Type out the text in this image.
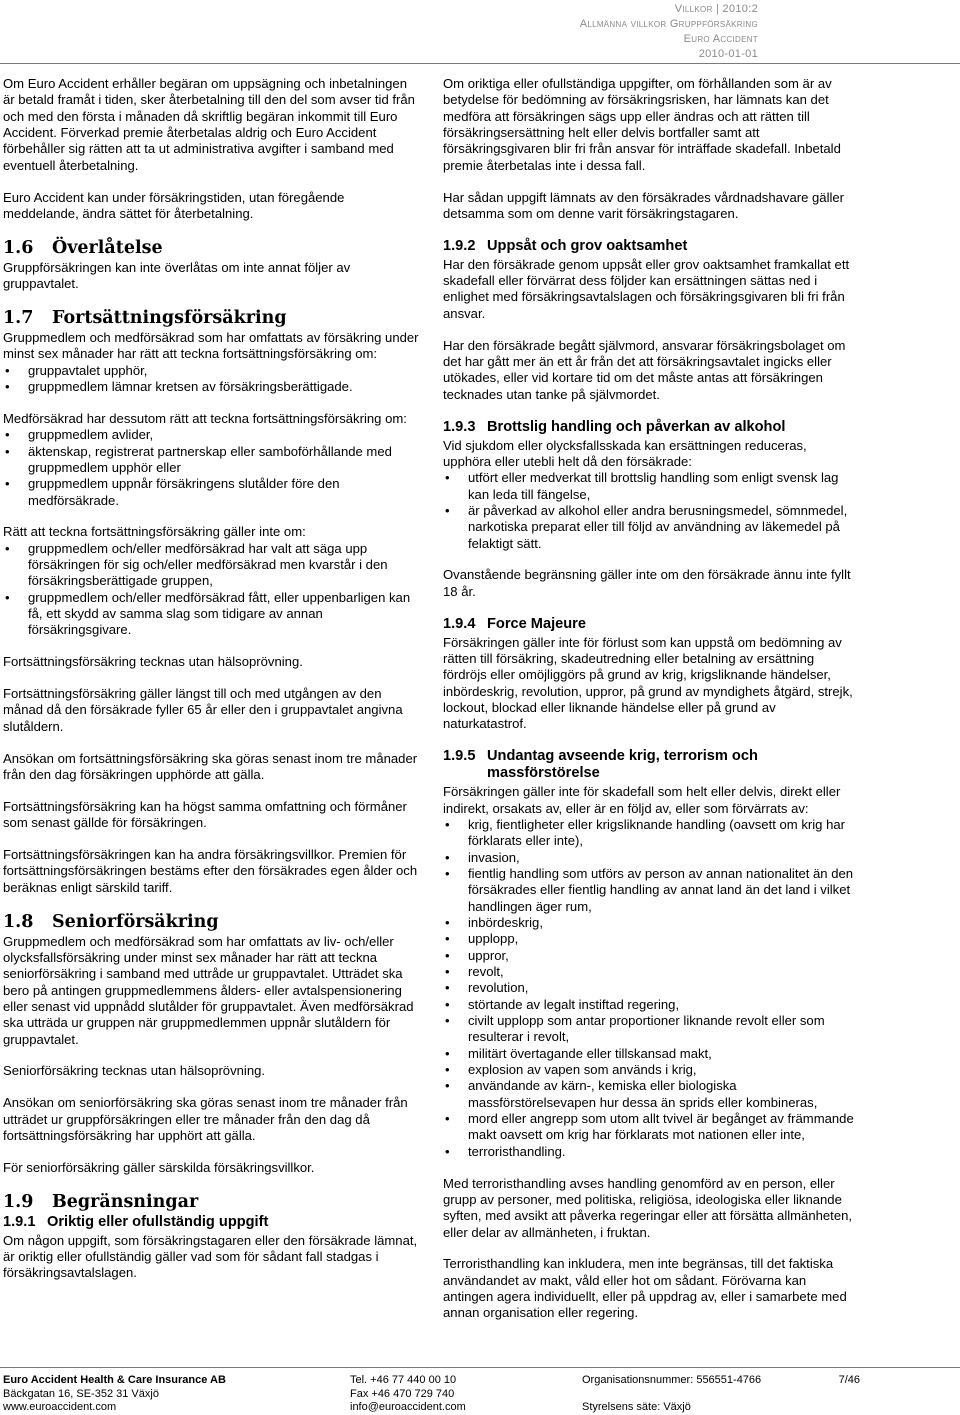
Villkor | 2010:2
Allmänna villkor Gruppförsäkring
Euro Accident
2010-01-01

Om Euro Accident erhåller begäran om uppsägning och inbetalningen är betald framåt i tiden, sker återbetalning till den del som avser tid från och med den första i månaden då skriftlig begäran inkommit till Euro Accident. Förverkad premie återbetalas aldrig och Euro Accident förbehåller sig rätten att ta ut administrativa avgifter i samband med eventuell återbetalning.

Euro Accident kan under försäkringstiden, utan föregående meddelande, ändra sättet för återbetalning.

1.6	Överlåtelse

Gruppförsäkringen kan inte överlåtas om inte annat följer av gruppavtalet.

1.7	Fortsättningsförsäkring

Gruppmedlem och medförsäkrad som har omfattats av försäkring under minst sex månader har rätt att teckna fortsättningsförsäkring om:

• gruppavtalet upphör,
• gruppmedlem lämnar kretsen av försäkringsberättigade.

Medförsäkrad har dessutom rätt att teckna fortsättningsförsäkring om:

• gruppmedlem avlider,
• äktenskap, registrerat partnerskap eller samboförhållande med gruppmedlem upphör eller
• gruppmedlem uppnår försäkringens slutålder före den medförsäkrade.

Rätt att teckna fortsättningsförsäkring gäller inte om:

• gruppmedlem och/eller medförsäkrad har valt att säga upp försäkringen för sig och/eller medförsäkrad men kvarstår i den försäkringsberättigade gruppen,
• gruppmedlem och/eller medförsäkrad fått, eller uppenbarligen kan få, ett skydd av samma slag som tidigare av annan försäkringsgivare.

Fortsättningsförsäkring tecknas utan hälsoprövning.

Fortsättningsförsäkring gäller längst till och med utgången av den månad då den försäkrade fyller 65 år eller den i gruppavtalet angivna slutåldern.

Ansökan om fortsättningsförsäkring ska göras senast inom tre månader från den dag försäkringen upphörde att gälla.

Fortsättningsförsäkring kan ha högst samma omfattning och förmåner som senast gällde för försäkringen.

Fortsättningsförsäkringen kan ha andra försäkringsvillkor. Premien för fortsättningsförsäkringen bestäms efter den försäkrades egen ålder och beräknas enligt särskild tariff.

1.8	Seniorförsäkring

Gruppmedlem och medförsäkrad som har omfattats av liv- och/eller olycksfallsförsäkring under minst sex månader har rätt att teckna seniorförsäkring i samband med uttråde ur gruppavtalet. Utträdet ska bero på antingen gruppmedlemmens ålders- eller avtalspensionering eller senast vid uppnådd slutålder för gruppavtalet. Även medförsäkrad ska utträda ur gruppen när gruppmedlemmen uppnår slutåldern för gruppavtalet.

Seniorförsäkring tecknas utan hälsoprövning.

Ansökan om seniorförsäkring ska göras senast inom tre månader från utträdet ur gruppförsäkringen eller tre månader från den dag då fortsättningsförsäkring har upphört att gälla.

För seniorförsäkring gäller särskilda försäkringsvillkor.

1.9	Begränsningar
1.9.1 Oriktig eller ofullständig uppgift

Om någon uppgift, som försäkringstagaren eller den försäkrade lämnat, är oriktig eller ofullständig gäller vad som för sådant fall stadgas i försäkringsavtalslagen.

Om oriktiga eller ofullständiga uppgifter, om förhållanden som är av betydelse för bedömning av försäkringsrisken, har lämnats kan det medföra att försäkringen sägs upp eller ändras och att rätten till försäkringsersättning helt eller delvis bortfaller samt att försäkringsgivaren blir fri från ansvar för inträffade skadefall. Inbetald premie återbetalas inte i dessa fall.

Har sådan uppgift lämnats av den försäkrades vårdnadshavare gäller detsamma som om denne varit försäkringstagaren.

1.9.2 Uppsåt och grov oaktsamhet

Har den försäkrade genom uppsåt eller grov oaktsamhet framkallat ett skadefall eller förvärrat dess följder kan ersättningen sättas ned i enlighet med försäkringsavtalslagen och försäkringsgivaren bli fri från ansvar.

Har den försäkrade begått självmord, ansvarar försäkringsbolaget om det har gått mer än ett år från det att försäkringsavtalet ingicks eller utökades, eller vid kortare tid om det måste antas att försäkringen tecknades utan tanke på självmordet.

1.9.3 Brottslig handling och påverkan av alkohol

Vid sjukdom eller olycksfallsskada kan ersättningen reduceras, upphöra eller utebli helt då den försäkrade:

• utfört eller medverkat till brottslig handling som enligt svensk lag kan leda till fängelse,
• är påverkad av alkohol eller andra berusningsmedel, sömnmedel, narkotiska preparat eller till följd av användning av läkemedel på felaktigt sätt.

Ovanstående begränsning gäller inte om den försäkrade ännu inte fyllt 18 år.

1.9.4 Force Majeure

Försäkringen gäller inte för förlust som kan uppstå om bedömning av rätten till försäkring, skadeutredning eller betalning av ersättning fördröjs eller omöjliggörs på grund av krig, krigsliknande händelser, inbördeskrig, revolution, uppror, på grund av myndighets åtgärd, strejk, lockout, blockad eller liknande händelse eller på grund av naturkatastrof.

1.9.5 Undantag avseende krig, terrorism och massförstörelse

Försäkringen gäller inte för skadefall som helt eller delvis, direkt eller indirekt, orsakats av, eller är en följd av, eller som förvärrats av:

• krig, fientligheter eller krigsliknande handling (oavsett om krig har förklarats eller inte),
• invasion,
• fientlig handling som utförs av person av annan nationalitet än den försäkrades eller fientlig handling av annat land än det land i vilket handlingen äger rum,
• inbördeskrig,
• upplopp,
• uppror,
• revolt,
• revolution,
• störtande av legalt instiftad regering,
• civilt upplopp som antar proportioner liknande revolt eller som resulterar i revolt,
• militärt övertagande eller tillskansad makt,
• explosion av vapen som används i krig,
• användande av kärn-, kemiska eller biologiska massförstörelsevapen hur dessa än sprids eller kombineras,
• mord eller angrepp som utom allt tvivel är begånget av främmande makt oavsett om krig har förklarats mot nationen eller inte,
• terroristhandling.

Med terroristhandling avses handling genomförd av en person, eller grupp av personer, med politiska, religiösa, ideologiska eller liknande syften, med avsikt att påverka regeringar eller att försätta allmänheten, eller delar av allmänheten, i fruktan.

Terroristhandling kan inkludera, men inte begränsas, till det faktiska användandet av makt, våld eller hot om sådant. Förövarna kan antingen agera individuellt, eller på uppdrag av, eller i samarbete med annan organisation eller regering.

Euro Accident Health & Care Insurance AB
Bäckgatan 16, SE-352 31 Växjö
www.euroaccident.com
Tel. +46 77 440 00 10
Fax +46 470 729 740
info@euroaccident.com
Organisationsnummer: 556551-4766

Styrelsens säte: Växjö
7/46
